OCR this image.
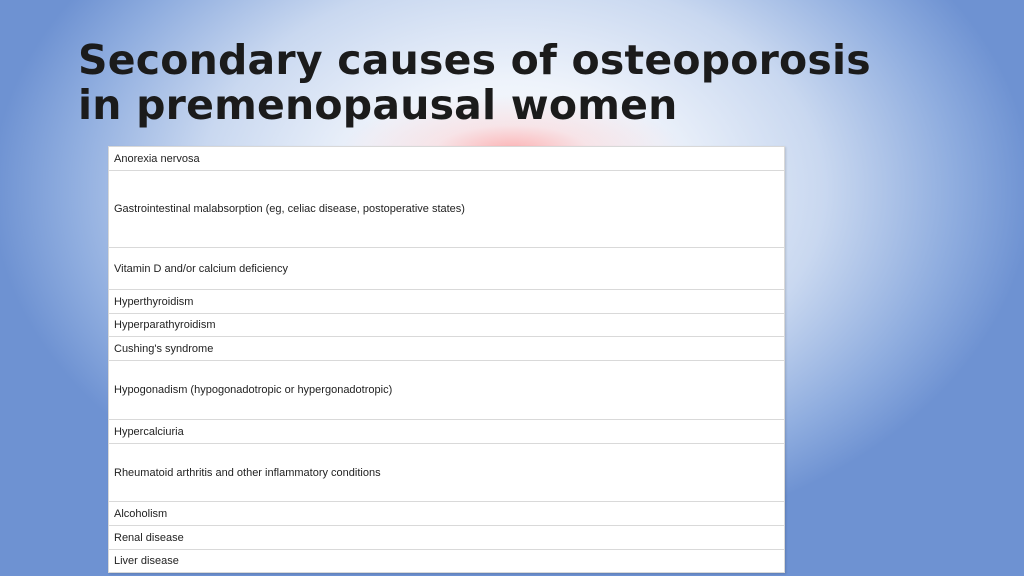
Secondary causes of osteoporosis
in premenopausal women
Anorexia nervosa
Gastrointestinal malabsorption (eg, celiac disease, postoperative states)
Vitamin D and/or calcium deficiency
Hyperthyroidism
Hyperparathyroidism
Cushing's syndrome
Hypogonadism (hypogonadotropic or hypergonadotropic)
Hypercalciuria
Rheumatoid arthritis and other inflammatory conditions
Alcoholism
Renal disease
Liver disease
